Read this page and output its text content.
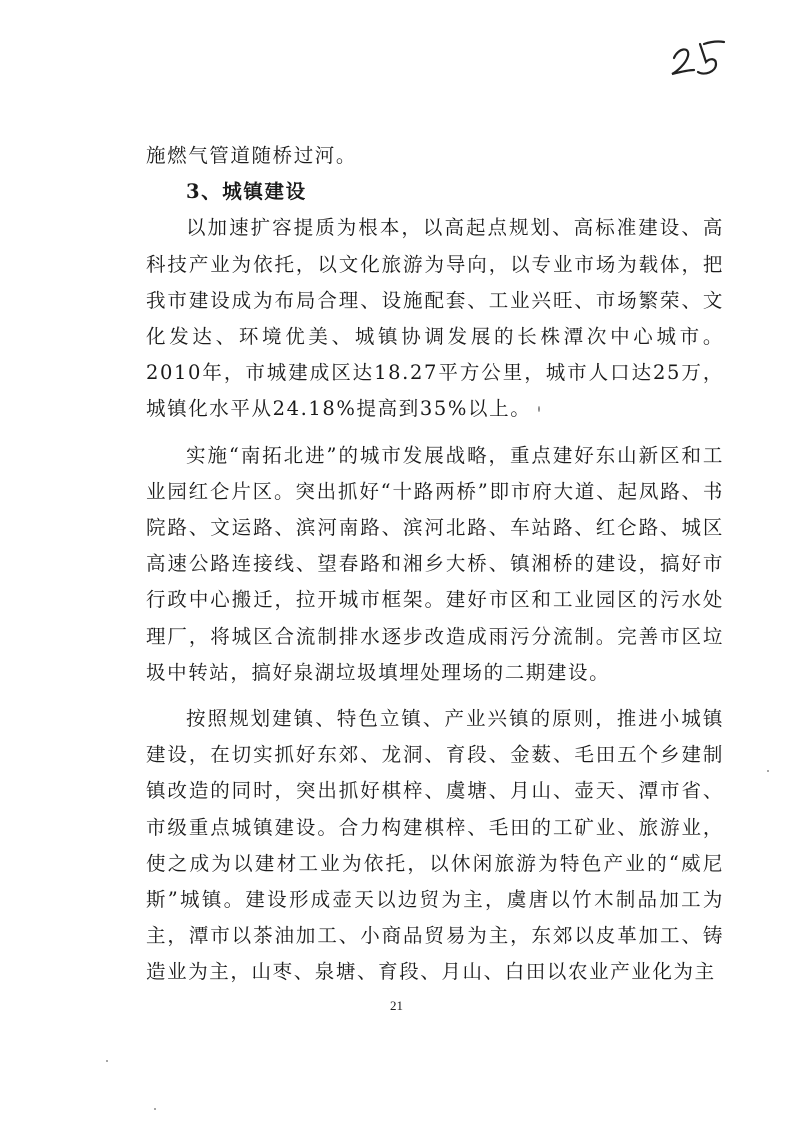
施燃气管道随桥过河。

3、城镇建设

以加速扩容提质为根本，以高起点规划、高标准建设、高科技产业为依托，以文化旅游为导向，以专业市场为载体，把我市建设成为布局合理、设施配套、工业兴旺、市场繁荣、文化发达、环境优美、城镇协调发展的长株潭次中心城市。2010年，市城建成区达18.27平方公里，城市人口达25万，城镇化水平从24.18%提高到35%以上。

实施“南拓北进”的城市发展战略，重点建好东山新区和工业园红仑片区。突出抓好“十路两桥”即市府大道、起凤路、书院路、文运路、滨河南路、滨河北路、车站路、红仑路、城区高速公路连接线、望春路和湘乡大桥、镇湘桥的建设，搞好市行政中心搬迁，拉开城市框架。建好市区和工业园区的污水处理厂，将城区合流制排水逐步改造成雨污分流制。完善市区垃圾中转站，搞好泉湖垃圾填埋处理场的二期建设。

按照规划建镇、特色立镇、产业兴镇的原则，推进小城镇建设，在切实抓好东郊、龙洞、育段、金薮、毛田五个乡建制镇改造的同时，突出抓好棋梓、虞塘、月山、壶天、潭市省、市级重点城镇建设。合力构建棋梓、毛田的工矿业、旅游业，使之成为以建材工业为依托，以休闲旅游为特色产业的“威尼斯”城镇。建设形成壶天以边贸为主，虞唐以竹木制品加工为主，潭市以茶油加工、小商品贸易为主，东郊以皮革加工、铸造业为主，山枣、泉塘、育段、月山、白田以农业产业化为主

21
